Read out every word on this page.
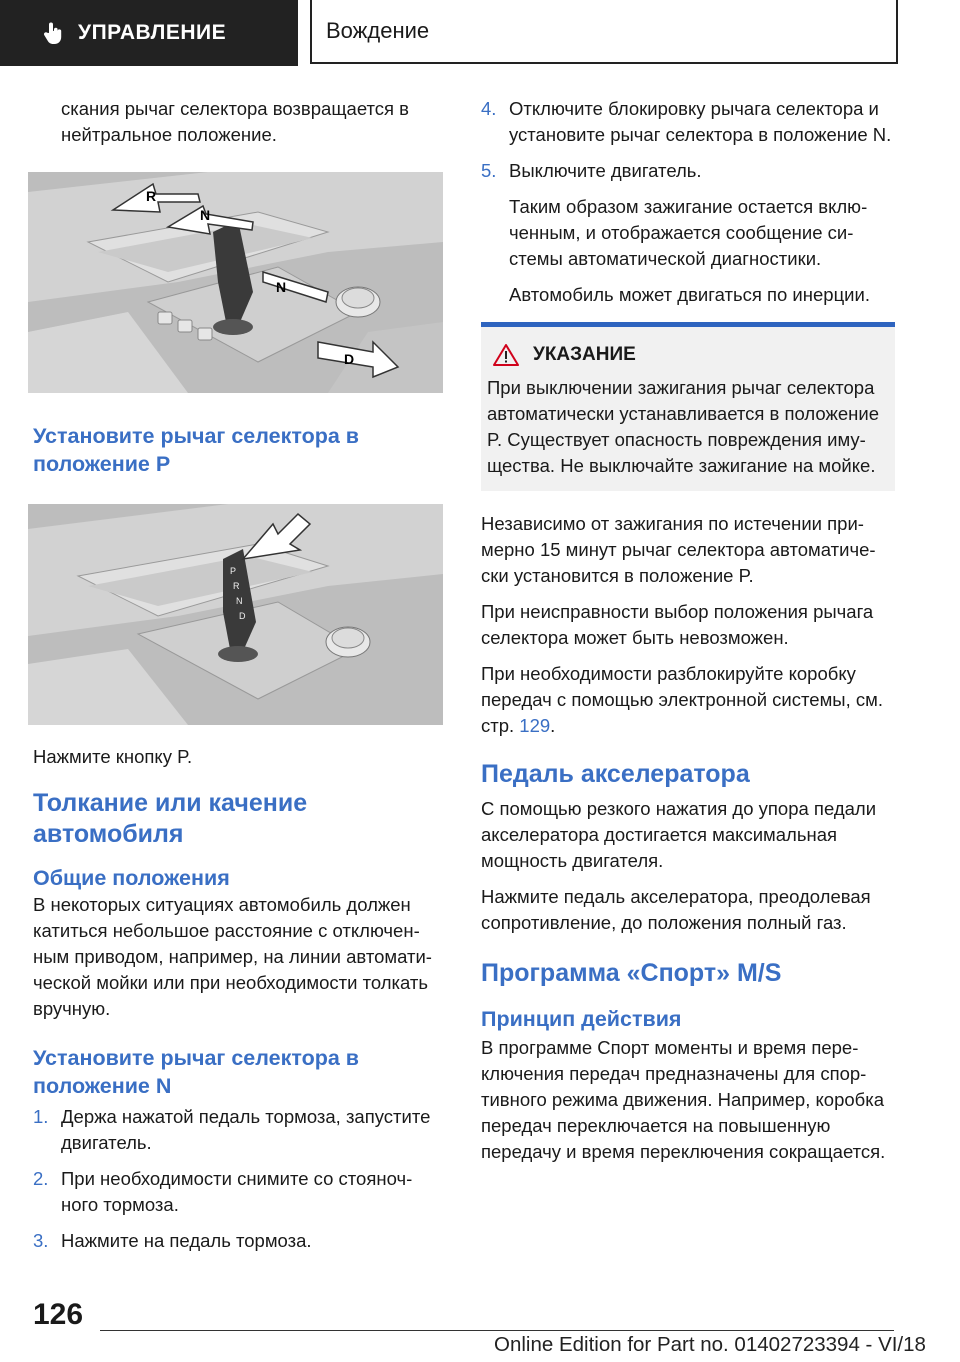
УПРАВЛЕНИЕ	Вождение

скания рычаг селектора возвращается в нейтральное положение.

R
N
N
D
Установите рычаг селектора в положение P
P
R
N
D

Нажмите кнопку P.

Толкание или качение автомобиля
Общие положения

В некоторых ситуациях автомобиль должен катиться небольшое расстояние с отключенным приводом, например, на линии автоматической мойки или при необходимости толкать вручную.

Установите рычаг селектора в положение N
1. Держа нажатой педаль тормоза, запустите двигатель.
2. При необходимости снимите со стояночного тормоза.
3. Нажмите на педаль тормоза.
4. Отключите блокировку рычага селектора и установите рычаг селектора в положение N.
5. Выключите двигатель.

Таким образом зажигание остается включенным, и отображается сообщение системы автоматической диагностики.

Автомобиль может двигаться по инерции.

УКАЗАНИЕ

При выключении зажигания рычаг селектора автоматически устанавливается в положение P. Существует опасность повреждения имущества. Не выключайте зажигание на мойке.

Независимо от зажигания по истечении примерно 15 минут рычаг селектора автоматически установится в положение P.

При неисправности выбор положения рычага селектора может быть невозможен.

При необходимости разблокируйте коробку передач с помощью электронной системы, см. стр. 129.

Педаль акселератора

С помощью резкого нажатия до упора педали акселератора достигается максимальная мощность двигателя.

Нажмите педаль акселератора, преодолевая сопротивление, до положения полный газ.

Программа «Спорт» M/S
Принцип действия

В программе Спорт моменты и время переключения передач предназначены для спортивного режима движения. Например, коробка передач переключается на повышенную передачу и время переключения сокращается.

126
Online Edition for Part no. 01402723394 - VI/18
